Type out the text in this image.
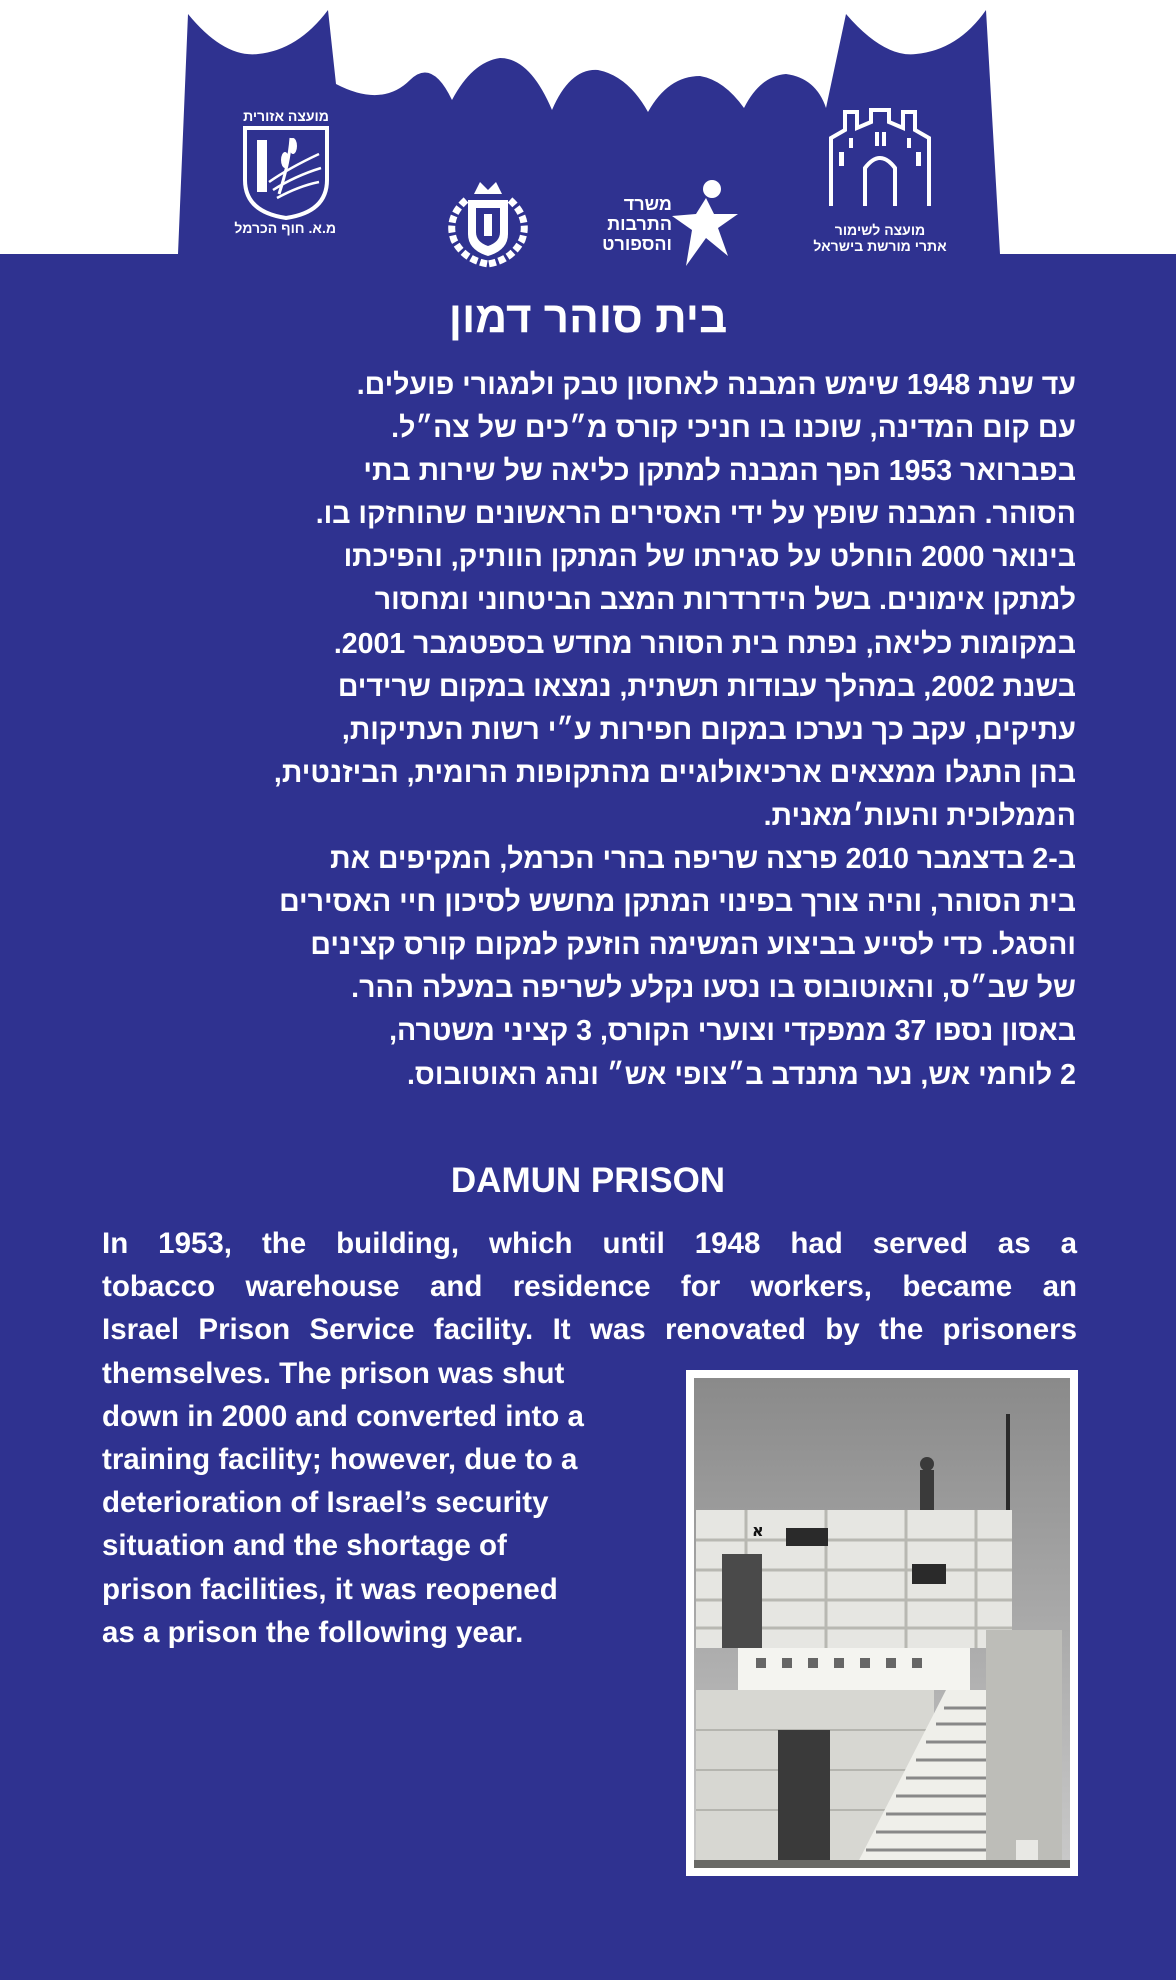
מועצה אזורית
מ.א. חוף הכרמל
משרד
התרבות
והספורט
מועצה לשימור
אתרי מורשת בישראל
בית סוהר דמון
עד שנת 1948 שימש המבנה לאחסון טבק ולמגורי פועלים.
עם קום המדינה, שוכנו בו חניכי קורס מ״כים של צה״ל.
בפברואר 1953 הפך המבנה למתקן כליאה של שירות בתי
הסוהר. המבנה שופץ על ידי האסירים הראשונים שהוחזקו בו.
בינואר 2000 הוחלט על סגירתו של המתקן הוותיק, והפיכתו
למתקן אימונים. בשל הידרדרות המצב הביטחוני ומחסור
במקומות כליאה, נפתח בית הסוהר מחדש בספטמבר 2001.
בשנת 2002, במהלך עבודות תשתית, נמצאו במקום שרידים
עתיקים, עקב כך נערכו במקום חפירות ע״י רשות העתיקות,
בהן התגלו ממצאים ארכיאולוגיים מהתקופות הרומית, הביזנטית,
הממלוכית והעות׳מאנית.
ב-2 בדצמבר 2010 פרצה שריפה בהרי הכרמל, המקיפים את
בית הסוהר, והיה צורך בפינוי המתקן מחשש לסיכון חיי האסירים
והסגל. כדי לסייע בביצוע המשימה הוזעק למקום קורס קצינים
של שב״ס, והאוטובוס בו נסעו נקלע לשריפה במעלה ההר.
באסון נספו 37 ממפקדי וצוערי הקורס, 3 קציני משטרה,
2 לוחמי אש, נער מתנדב ב״צופי אש״ ונהג האוטובוס.
DAMUN PRISON
In 1953, the building, which until 1948 had served as a
tobacco warehouse and residence for workers, became an
Israel Prison Service facility. It was renovated by the prisoners
themselves. The prison was shut
down in 2000 and converted into a
training facility; however, due to a
deterioration of Israel’s security
situation and the shortage of
prison facilities, it was reopened
as a prison the following year.
א
